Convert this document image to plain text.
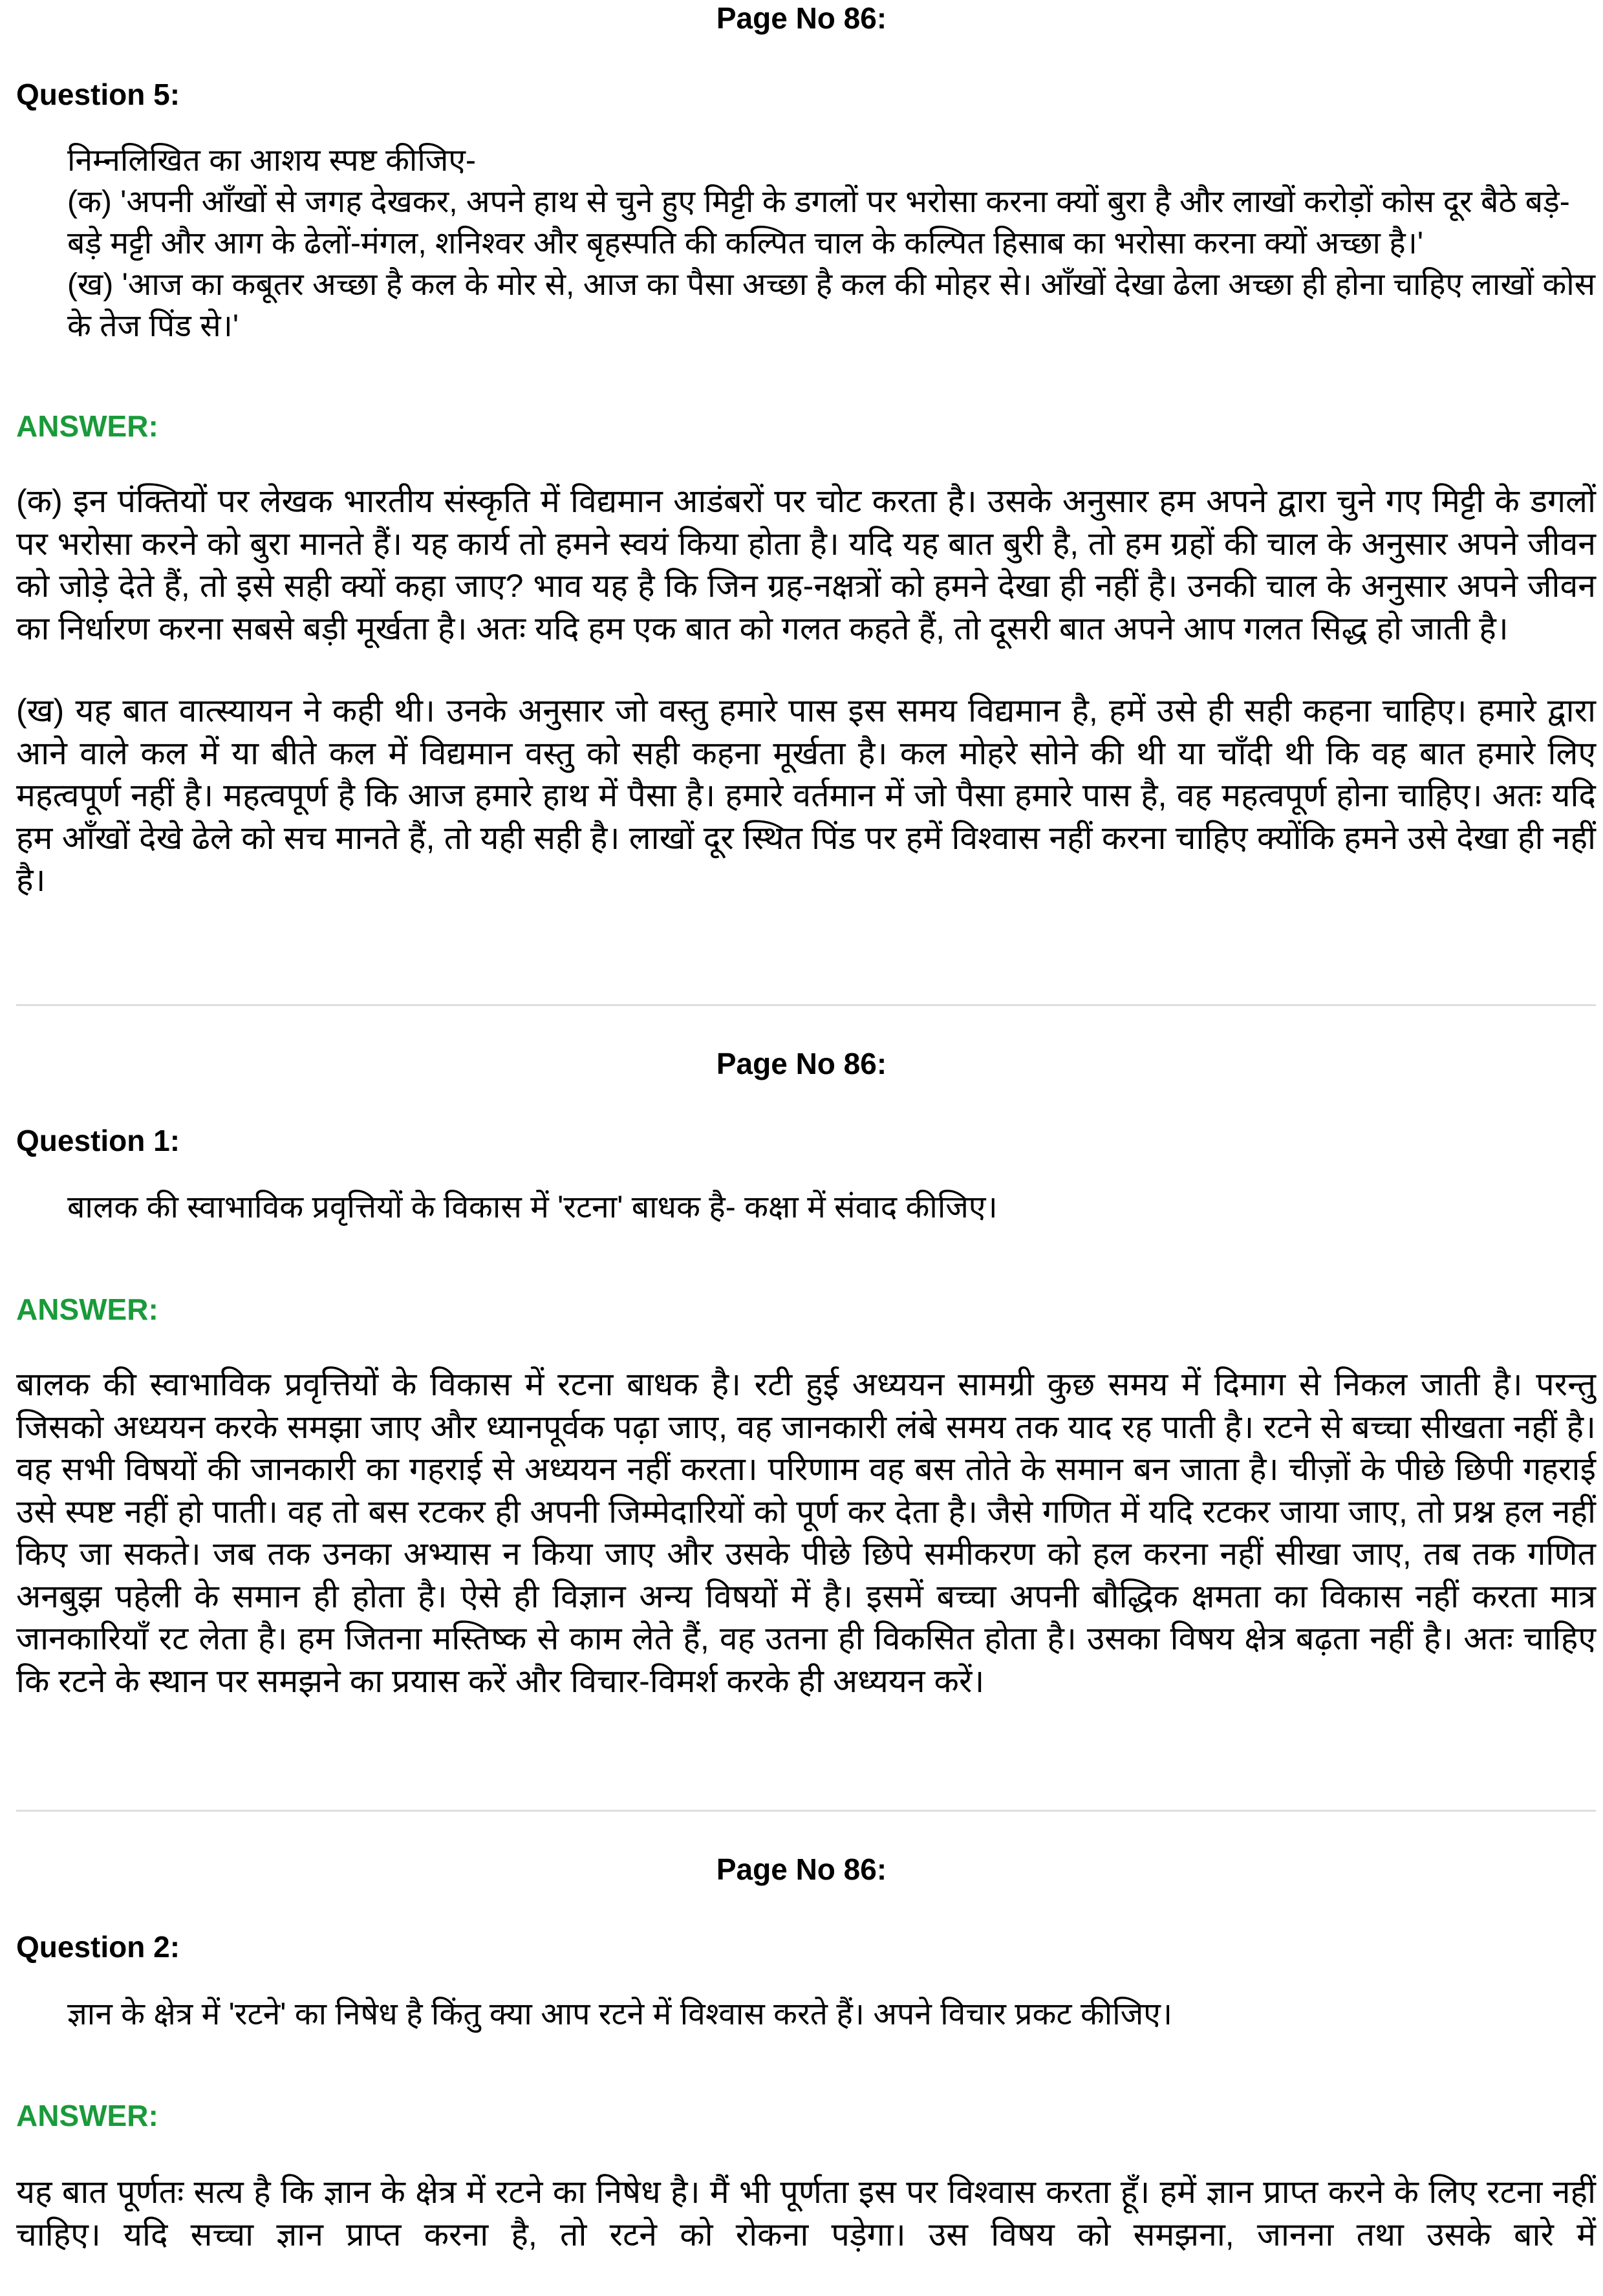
Page No 86:
Question 5:

निम्नलिखित का आशय स्पष्ट कीजिए-

(क) 'अपनी आँखों से जगह देखकर, अपने हाथ से चुने हुए मिट्टी के डगलों पर भरोसा करना क्यों बुरा है और लाखों करोड़ों कोस दूर बैठे बड़े-बड़े मट्टी और आग के ढेलों-मंगल, शनिश्वर और बृहस्पति की कल्पित चाल के कल्पित हिसाब का भरोसा करना क्यों अच्छा है।'

(ख) 'आज का कबूतर अच्छा है कल के मोर से, आज का पैसा अच्छा है कल की मोहर से। आँखों देखा ढेला अच्छा ही होना चाहिए लाखों कोस के तेज पिंड से।'

ANSWER:

(क) इन पंक्तियों पर लेखक भारतीय संस्कृति में विद्यमान आडंबरों पर चोट करता है। उसके अनुसार हम अपने द्वारा चुने गए मिट्टी के डगलों पर भरोसा करने को बुरा मानते हैं। यह कार्य तो हमने स्वयं किया होता है। यदि यह बात बुरी है, तो हम ग्रहों की चाल के अनुसार अपने जीवन को जोड़े देते हैं, तो इसे सही क्यों कहा जाए? भाव यह है कि जिन ग्रह-नक्षत्रों को हमने देखा ही नहीं है। उनकी चाल के अनुसार अपने जीवन का निर्धारण करना सबसे बड़ी मूर्खता है। अतः यदि हम एक बात को गलत कहते हैं, तो दूसरी बात अपने आप गलत सिद्ध हो जाती है।

(ख) यह बात वात्स्यायन ने कही थी। उनके अनुसार जो वस्तु हमारे पास इस समय विद्यमान है, हमें उसे ही सही कहना चाहिए। हमारे द्वारा आने वाले कल में या बीते कल में विद्यमान वस्तु को सही कहना मूर्खता है। कल मोहरे सोने की थी या चाँदी थी कि वह बात हमारे लिए महत्वपूर्ण नहीं है। महत्वपूर्ण है कि आज हमारे हाथ में पैसा है। हमारे वर्तमान में जो पैसा हमारे पास है, वह महत्वपूर्ण होना चाहिए। अतः यदि हम आँखों देखे ढेले को सच मानते हैं, तो यही सही है। लाखों दूर स्थित पिंड पर हमें विश्वास नहीं करना चाहिए क्योंकि हमने उसे देखा ही नहीं है।

Page No 86:
Question 1:

बालक की स्वाभाविक प्रवृत्तियों के विकास में 'रटना' बाधक है- कक्षा में संवाद कीजिए।

ANSWER:

बालक की स्वाभाविक प्रवृत्तियों के विकास में रटना बाधक है। रटी हुई अध्ययन सामग्री कुछ समय में दिमाग से निकल जाती है। परन्तु जिसको अध्ययन करके समझा जाए और ध्यानपूर्वक पढ़ा जाए, वह जानकारी लंबे समय तक याद रह पाती है। रटने से बच्चा सीखता नहीं है। वह सभी विषयों की जानकारी का गहराई से अध्ययन नहीं करता। परिणाम वह बस तोते के समान बन जाता है। चीज़ों के पीछे छिपी गहराई उसे स्पष्ट नहीं हो पाती। वह तो बस रटकर ही अपनी जिम्मेदारियों को पूर्ण कर देता है। जैसे गणित में यदि रटकर जाया जाए, तो प्रश्न हल नहीं किए जा सकते। जब तक उनका अभ्यास न किया जाए और उसके पीछे छिपे समीकरण को हल करना नहीं सीखा जाए, तब तक गणित अनबुझ पहेली के समान ही होता है। ऐसे ही विज्ञान अन्य विषयों में है। इसमें बच्चा अपनी बौद्धिक क्षमता का विकास नहीं करता मात्र जानकारियाँ रट लेता है। हम जितना मस्तिष्क से काम लेते हैं, वह उतना ही विकसित होता है। उसका विषय क्षेत्र बढ़ता नहीं है। अतः चाहिए कि रटने के स्थान पर समझने का प्रयास करें और विचार-विमर्श करके ही अध्ययन करें।

Page No 86:
Question 2:

ज्ञान के क्षेत्र में 'रटने' का निषेध है किंतु क्या आप रटने में विश्वास करते हैं। अपने विचार प्रकट कीजिए।

ANSWER:

यह बात पूर्णतः सत्य है कि ज्ञान के क्षेत्र में रटने का निषेध है। मैं भी पूर्णता इस पर विश्वास करता हूँ। हमें ज्ञान प्राप्त करने के लिए रटना नहीं चाहिए। यदि सच्चा ज्ञान प्राप्त करना है, तो रटने को रोकना पड़ेगा। उस विषय को समझना, जानना तथा उसके बारे में
